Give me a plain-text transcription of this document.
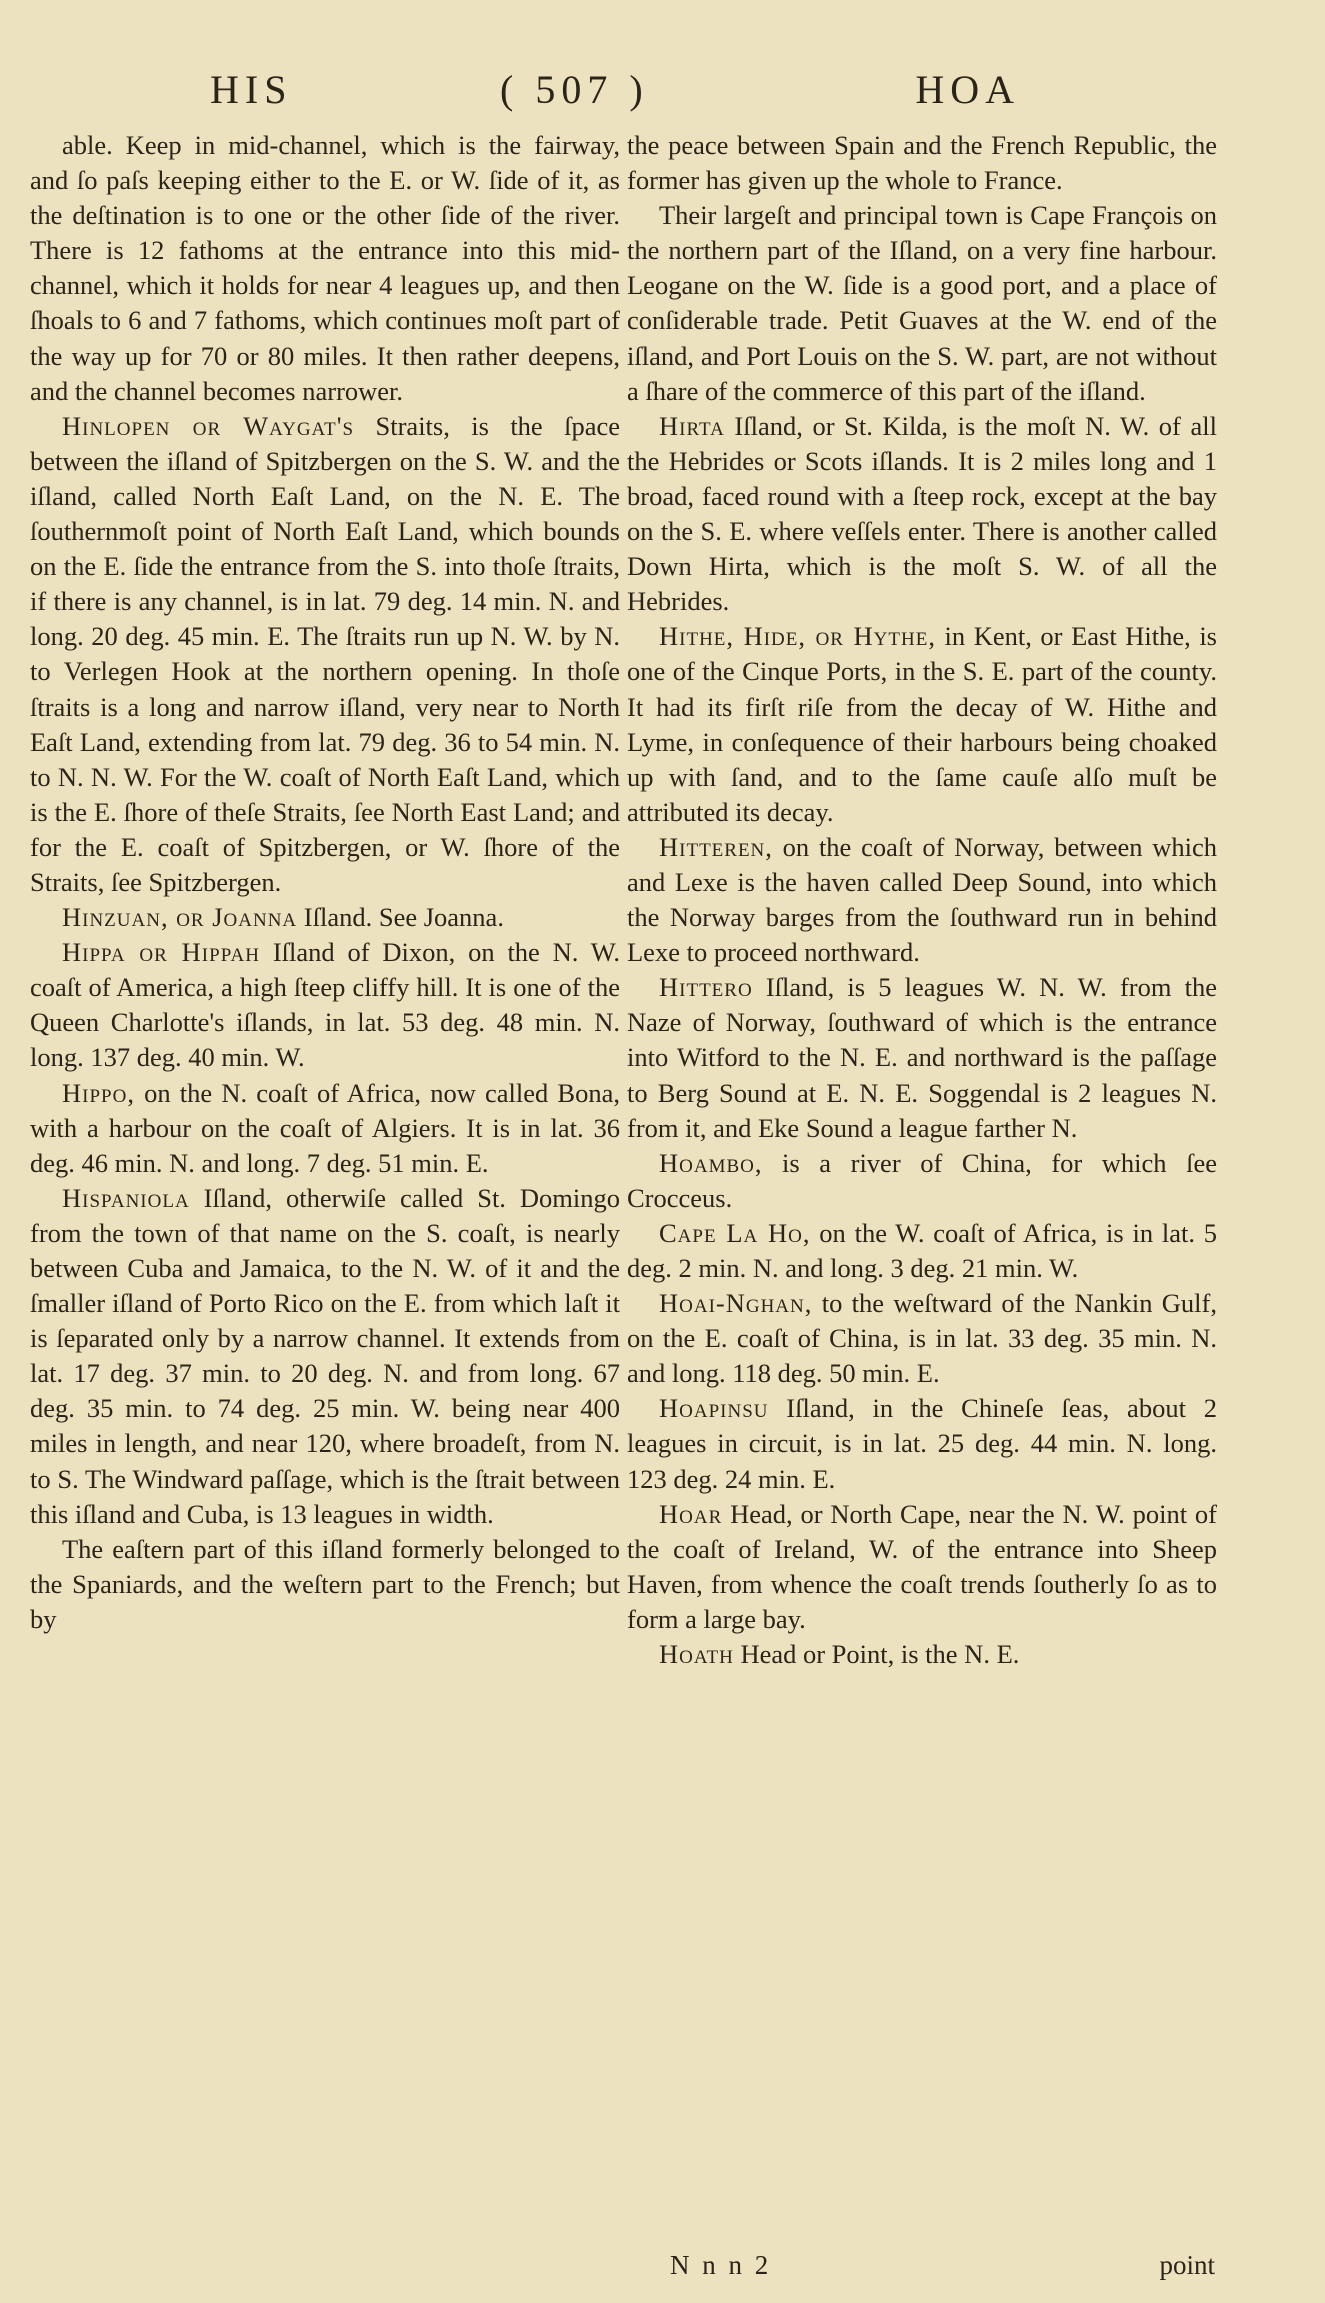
HIS	( 507 )	HOA

able. Keep in mid-channel, which is the fairway, and ſo paſs keeping either to the E. or W. ſide of it, as the deſtination is to one or the other ſide of the river. There is 12 fathoms at the entrance into this mid-channel, which it holds for near 4 leagues up, and then ſhoals to 6 and 7 fathoms, which continues moſt part of the way up for 70 or 80 miles. It then rather deepens, and the channel becomes narrower.

Hinlopen or Waygat's Straits, is the ſpace between the iſland of Spitzbergen on the S. W. and the iſland, called North Eaſt Land, on the N. E. The ſouthernmoſt point of North Eaſt Land, which bounds on the E. ſide the entrance from the S. into thoſe ſtraits, if there is any channel, is in lat. 79 deg. 14 min. N. and long. 20 deg. 45 min. E. The ſtraits run up N. W. by N. to Verlegen Hook at the northern opening. In thoſe ſtraits is a long and narrow iſland, very near to North Eaſt Land, extending from lat. 79 deg. 36 to 54 min. N. to N. N. W. For the W. coaſt of North Eaſt Land, which is the E. ſhore of theſe Straits, ſee North East Land; and for the E. coaſt of Spitzbergen, or W. ſhore of the Straits, ſee Spitzbergen.

Hinzuan, or Joanna Iſland. See Joanna.

Hippa or Hippah Iſland of Dixon, on the N. W. coaſt of America, a high ſteep cliffy hill. It is one of the Queen Charlotte's iſlands, in lat. 53 deg. 48 min. N. long. 137 deg. 40 min. W.

Hippo, on the N. coaſt of Africa, now called Bona, with a harbour on the coaſt of Algiers. It is in lat. 36 deg. 46 min. N. and long. 7 deg. 51 min. E.

Hispaniola Iſland, otherwiſe called St. Domingo from the town of that name on the S. coaſt, is nearly between Cuba and Jamaica, to the N. W. of it and the ſmaller iſland of Porto Rico on the E. from which laſt it is ſeparated only by a narrow channel. It extends from lat. 17 deg. 37 min. to 20 deg. N. and from long. 67 deg. 35 min. to 74 deg. 25 min. W. being near 400 miles in length, and near 120, where broadeſt, from N. to S. The Windward paſſage, which is the ſtrait between this iſland and Cuba, is 13 leagues in width.

The eaſtern part of this iſland formerly belonged to the Spaniards, and the weſtern part to the French; but by

the peace between Spain and the French Republic, the former has given up the whole to France.

Their largeſt and principal town is Cape François on the northern part of the Iſland, on a very fine harbour. Leogane on the W. ſide is a good port, and a place of conſiderable trade. Petit Guaves at the W. end of the iſland, and Port Louis on the S. W. part, are not without a ſhare of the commerce of this part of the iſland.

Hirta Iſland, or St. Kilda, is the moſt N. W. of all the Hebrides or Scots iſlands. It is 2 miles long and 1 broad, faced round with a ſteep rock, except at the bay on the S. E. where veſſels enter. There is another called Down Hirta, which is the moſt S. W. of all the Hebrides.

Hithe, Hide, or Hythe, in Kent, or East Hithe, is one of the Cinque Ports, in the S. E. part of the county. It had its firſt riſe from the decay of W. Hithe and Lyme, in conſequence of their harbours being choaked up with ſand, and to the ſame cauſe alſo muſt be attributed its decay.

Hitteren, on the coaſt of Norway, between which and Lexe is the haven called Deep Sound, into which the Norway barges from the ſouthward run in behind Lexe to proceed northward.

Hittero Iſland, is 5 leagues W. N. W. from the Naze of Norway, ſouthward of which is the entrance into Witford to the N. E. and northward is the paſſage to Berg Sound at E. N. E. Soggendal is 2 leagues N. from it, and Eke Sound a league farther N.

Hoambo, is a river of China, for which ſee Crocceus.

Cape La Ho, on the W. coaſt of Africa, is in lat. 5 deg. 2 min. N. and long. 3 deg. 21 min. W.

Hoai-Nghan, to the weſtward of the Nankin Gulf, on the E. coaſt of China, is in lat. 33 deg. 35 min. N. and long. 118 deg. 50 min. E.

Hoapinsu Iſland, in the Chineſe ſeas, about 2 leagues in circuit, is in lat. 25 deg. 44 min. N. long. 123 deg. 24 min. E.

Hoar Head, or North Cape, near the N. W. point of the coaſt of Ireland, W. of the entrance into Sheep Haven, from whence the coaſt trends ſoutherly ſo as to form a large bay.

Hoath Head or Point, is the N. E.

N n n 2	point
